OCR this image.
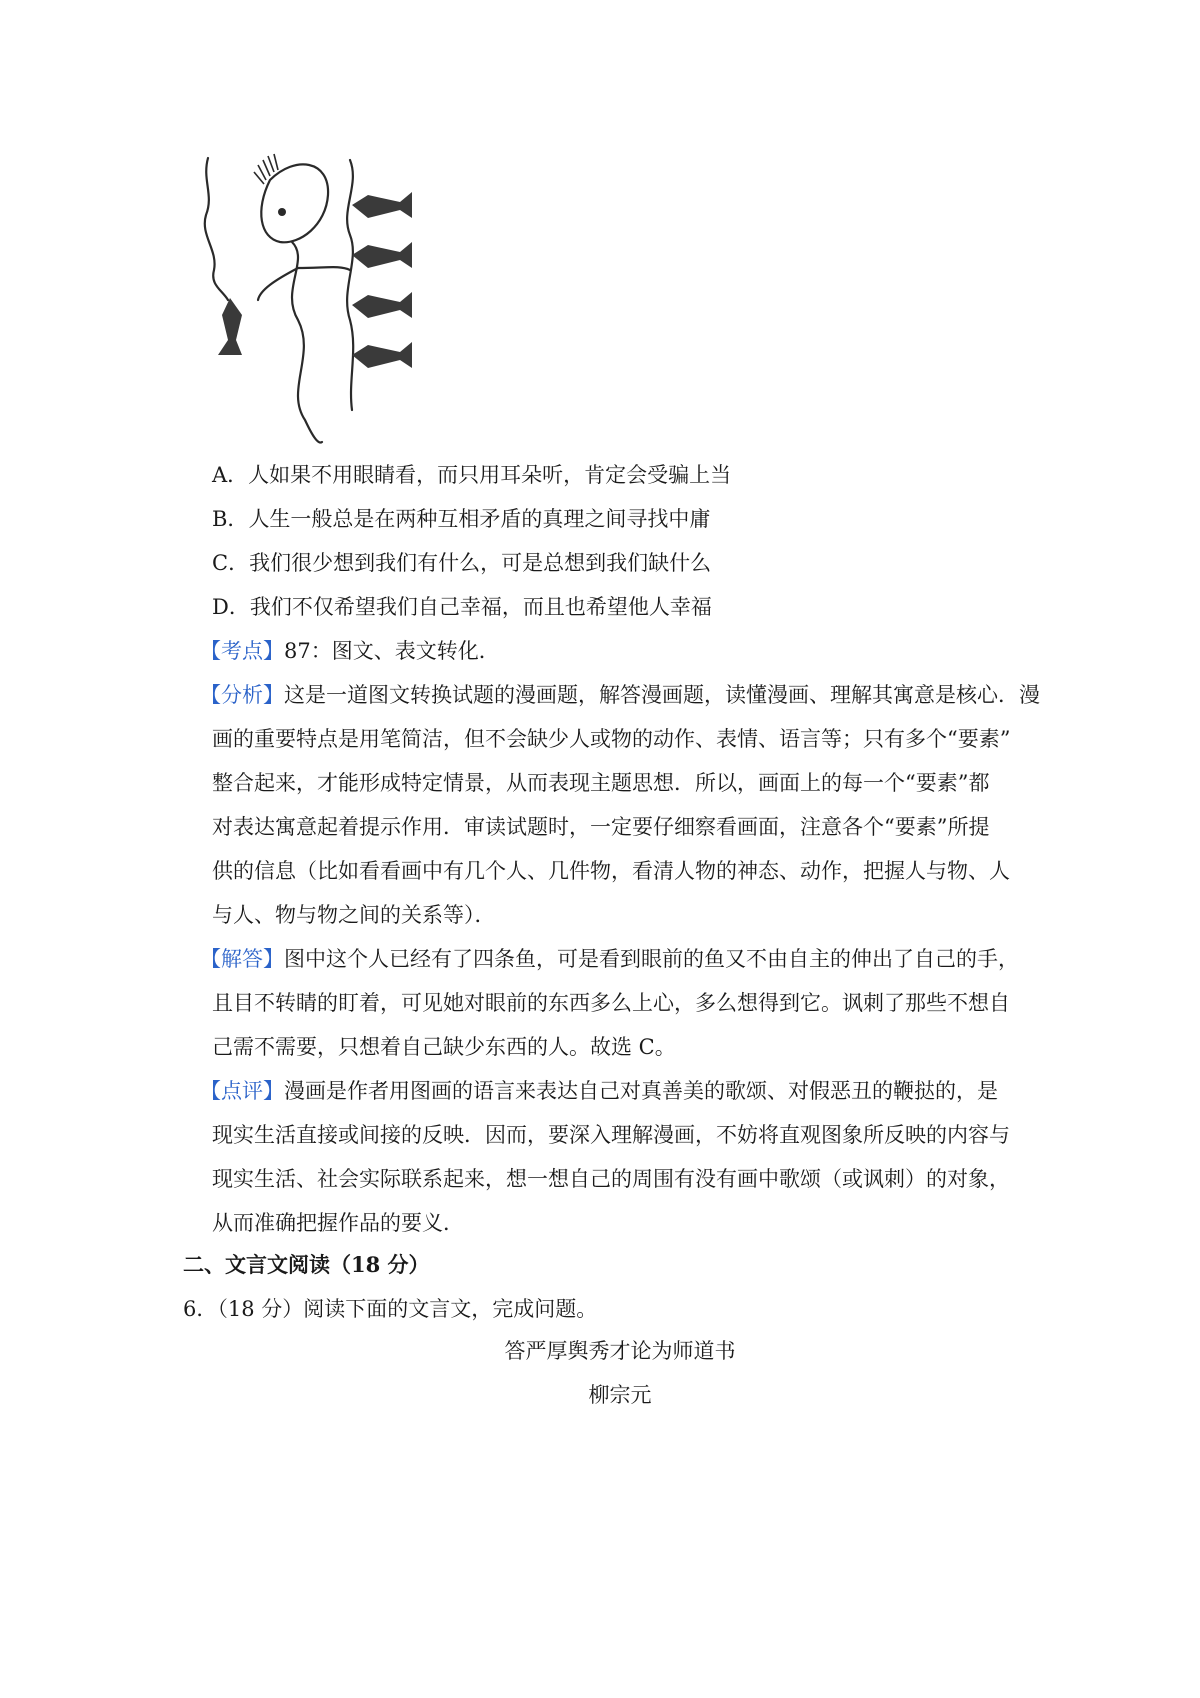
A．人如果不用眼睛看，而只用耳朵听，肯定会受骗上当
B．人生一般总是在两种互相矛盾的真理之间寻找中庸
C．我们很少想到我们有什么，可是总想到我们缺什么
D．我们不仅希望我们自己幸福，而且也希望他人幸福
【考点】87：图文、表文转化．
【分析】这是一道图文转换试题的漫画题，解答漫画题，读懂漫画、理解其寓意是核心．漫
画的重要特点是用笔简洁，但不会缺少人或物的动作、表情、语言等；只有多个“要素”
整合起来，才能形成特定情景，从而表现主题思想．所以，画面上的每一个“要素”都
对表达寓意起着提示作用．审读试题时，一定要仔细察看画面，注意各个“要素”所提
供的信息（比如看看画中有几个人、几件物，看清人物的神态、动作，把握人与物、人
与人、物与物之间的关系等）．
【解答】图中这个人已经有了四条鱼，可是看到眼前的鱼又不由自主的伸出了自己的手，
且目不转睛的盯着，可见她对眼前的东西多么上心，多么想得到它。讽刺了那些不想自
己需不需要，只想着自己缺少东西的人。故选 C。
【点评】漫画是作者用图画的语言来表达自己对真善美的歌颂、对假恶丑的鞭挞的，是
现实生活直接或间接的反映．因而，要深入理解漫画，不妨将直观图象所反映的内容与
现实生活、社会实际联系起来，想一想自己的周围有没有画中歌颂（或讽刺）的对象，
从而准确把握作品的要义．
二、文言文阅读（18 分）
6．（18 分）阅读下面的文言文，完成问题。
答严厚舆秀才论为师道书
柳宗元
